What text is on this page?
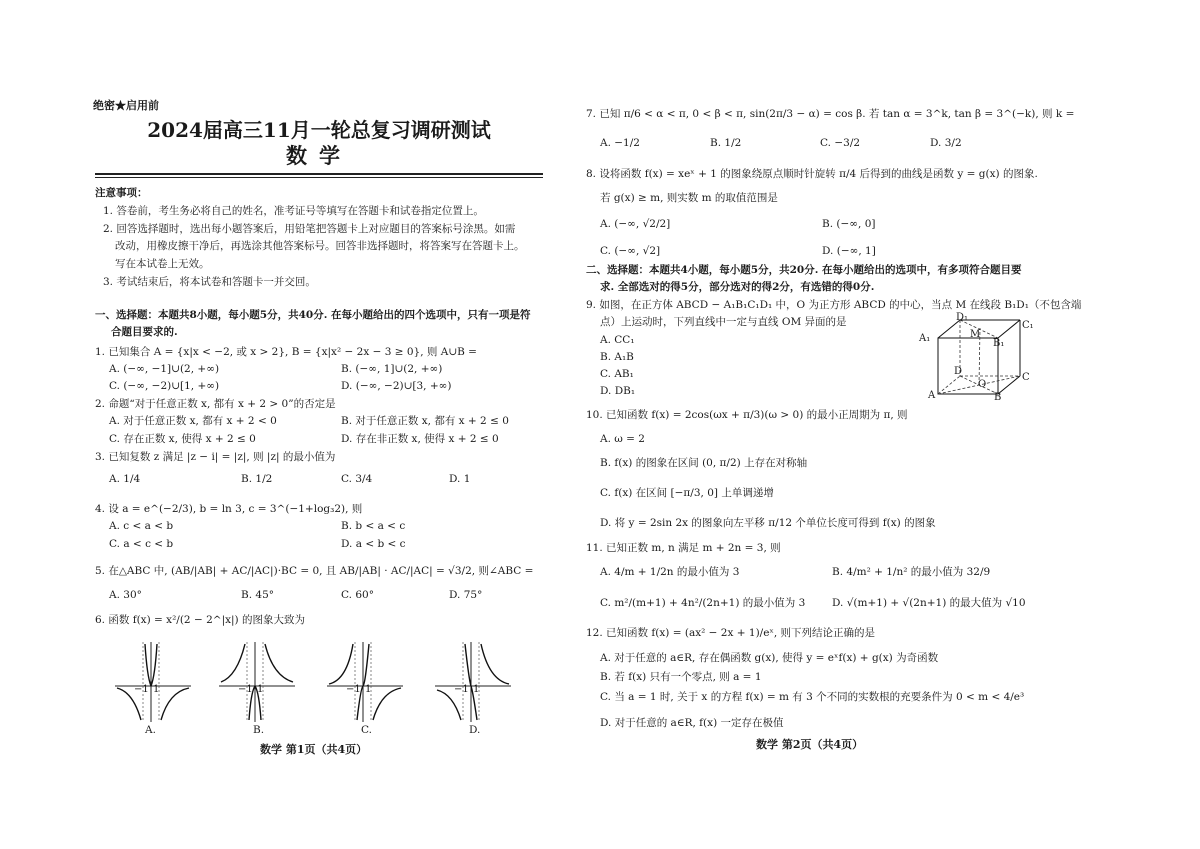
绝密★启用前
2024届高三11月一轮总复习调研测试
数学
注意事项：
1. 答卷前，考生务必将自己的姓名，准考证号等填写在答题卡和试卷指定位置上。
2. 回答选择题时，选出每小题答案后，用铅笔把答题卡上对应题目的答案标号涂黑。如需
改动，用橡皮擦干净后，再选涂其他答案标号。回答非选择题时，将答案写在答题卡上。
写在本试卷上无效。
3. 考试结束后，将本试卷和答题卡一并交回。
一、选择题：本题共8小题，每小题5分，共40分. 在每小题给出的四个选项中，只有一项是符
合题目要求的.
1. 已知集合 A = {x|x < −2, 或 x > 2}, B = {x|x² − 2x − 3 ≥ 0}, 则 A∪B =
A. (−∞, −1]∪(2, +∞)	B. (−∞, 1]∪(2, +∞)
C. (−∞, −2)∪[1, +∞)	D. (−∞, −2)∪[3, +∞)
2. 命题“对于任意正数 x, 都有 x + 2 > 0”的否定是
A. 对于任意正数 x, 都有 x + 2 < 0	B. 对于任意正数 x, 都有 x + 2 ≤ 0
C. 存在正数 x, 使得 x + 2 ≤ 0	D. 存在非正数 x, 使得 x + 2 ≤ 0
3. 已知复数 z 满足 |z − i| = |z|, 则 |z| 的最小值为
A. 1/4	B. 1/2	C. 3/4	D. 1
4. 设 a = e^(−2/3), b = ln 3, c = 3^(−1+log₃2), 则
A. c < a < b	B. b < a < c
C. a < c < b	D. a < b < c
5. 在△ABC 中, (AB/|AB| + AC/|AC|)·BC = 0, 且 AB/|AB| · AC/|AC| = √3/2, 则∠ABC =
A. 30°	B. 45°	C. 60°	D. 75°
6. 函数 f(x) = x²/(2 − 2^|x|) 的图象大致为
−1 1
A.
−1 1
B.
−1 1
C.
−1 1
D.
数学 第1页（共4页）
7. 已知 π/6 < α < π, 0 < β < π, sin(2π/3 − α) = cos β. 若 tan α = 3^k, tan β = 3^(−k), 则 k =
A. −1/2	B. 1/2	C. −3/2	D. 3/2
8. 设将函数 f(x) = xeˣ + 1 的图象绕原点顺时针旋转 π/4 后得到的曲线是函数 y = g(x) 的图象.
若 g(x) ≥ m, 则实数 m 的取值范围是
A. (−∞, √2/2]	B. (−∞, 0]
C. (−∞, √2]	D. (−∞, 1]
二、选择题：本题共4小题，每小题5分，共20分. 在每小题给出的选项中，有多项符合题目要
求. 全部选对的得5分，部分选对的得2分，有选错的得0分.
9. 如图，在正方体 ABCD − A₁B₁C₁D₁ 中，O 为正方形 ABCD 的中心，当点 M 在线段 B₁D₁（不包含端
点）上运动时，下列直线中一定与直线 OM 异面的是
A. CC₁
B. A₁B
C. AB₁
D. DB₁
D₁
C₁
A₁	M
B₁
D
O
C
A	B
10. 已知函数 f(x) = 2cos(ωx + π/3)(ω > 0) 的最小正周期为 π, 则
A. ω = 2
B. f(x) 的图象在区间 (0, π/2) 上存在对称轴
C. f(x) 在区间 [−π/3, 0] 上单调递增
D. 将 y = 2sin 2x 的图象向左平移 π/12 个单位长度可得到 f(x) 的图象
11. 已知正数 m, n 满足 m + 2n = 3, 则
A. 4/m + 1/2n 的最小值为 3	B. 4/m² + 1/n² 的最小值为 32/9
C. m²/(m+1) + 4n²/(2n+1) 的最小值为 3	D. √(m+1) + √(2n+1) 的最大值为 √10
12. 已知函数 f(x) = (ax² − 2x + 1)/eˣ, 则下列结论正确的是
A. 对于任意的 a∈R, 存在偶函数 g(x), 使得 y = eˣf(x) + g(x) 为奇函数
B. 若 f(x) 只有一个零点, 则 a = 1
C. 当 a = 1 时, 关于 x 的方程 f(x) = m 有 3 个不同的实数根的充要条件为 0 < m < 4/e³
D. 对于任意的 a∈R, f(x) 一定存在极值
数学 第2页（共4页）
